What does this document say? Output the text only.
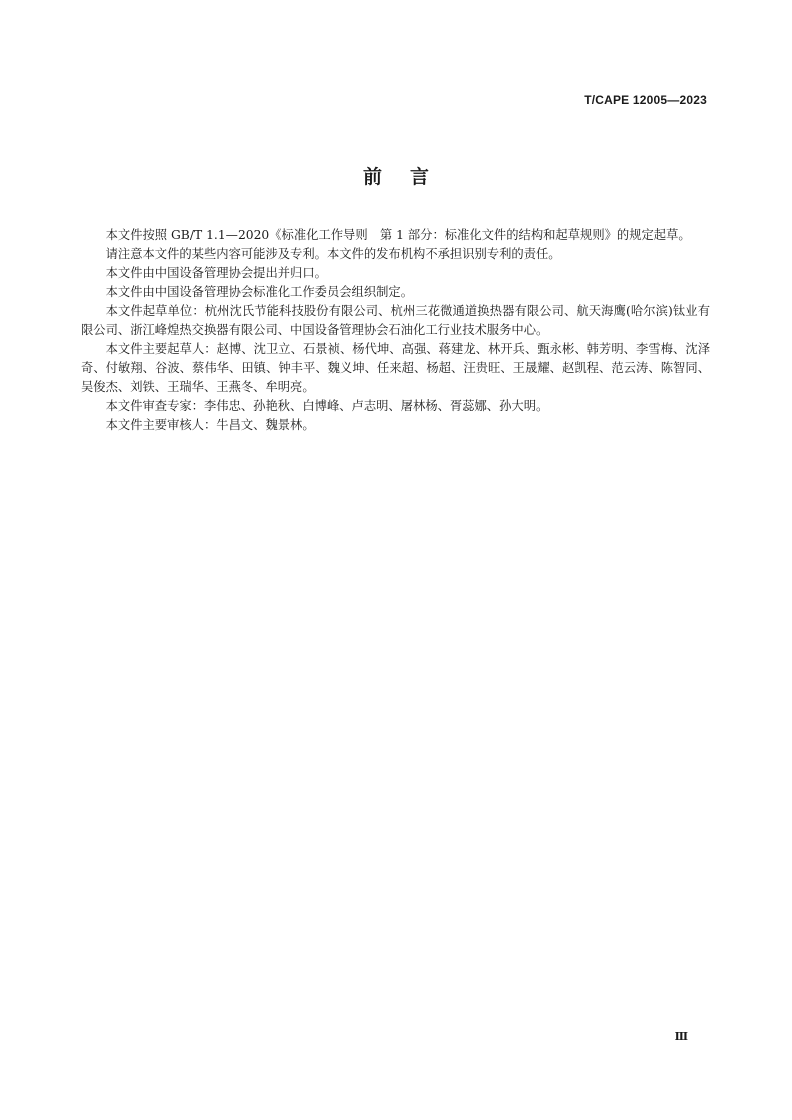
T/CAPE 12005—2023
前言

本文件按照 GB/T 1.1—2020《标准化工作导则　第 1 部分：标准化文件的结构和起草规则》的规定起草。

请注意本文件的某些内容可能涉及专利。本文件的发布机构不承担识别专利的责任。

本文件由中国设备管理协会提出并归口。

本文件由中国设备管理协会标准化工作委员会组织制定。

本文件起草单位：杭州沈氏节能科技股份有限公司、杭州三花微通道换热器有限公司、航天海鹰(哈尔滨)钛业有限公司、浙江峰煌热交换器有限公司、中国设备管理协会石油化工行业技术服务中心。

本文件主要起草人：赵博、沈卫立、石景祯、杨代坤、高强、蒋建龙、林开兵、甄永彬、韩芳明、李雪梅、沈泽奇、付敏翔、谷波、蔡伟华、田镇、钟丰平、魏义坤、任来超、杨超、汪贵旺、王晟耀、赵凯程、范云涛、陈智同、吴俊杰、刘铁、王瑞华、王燕冬、牟明亮。

本文件审查专家：李伟忠、孙艳秋、白博峰、卢志明、屠林杨、胥蕊娜、孙大明。

本文件主要审核人：牛昌文、魏景林。

Ⅲ
